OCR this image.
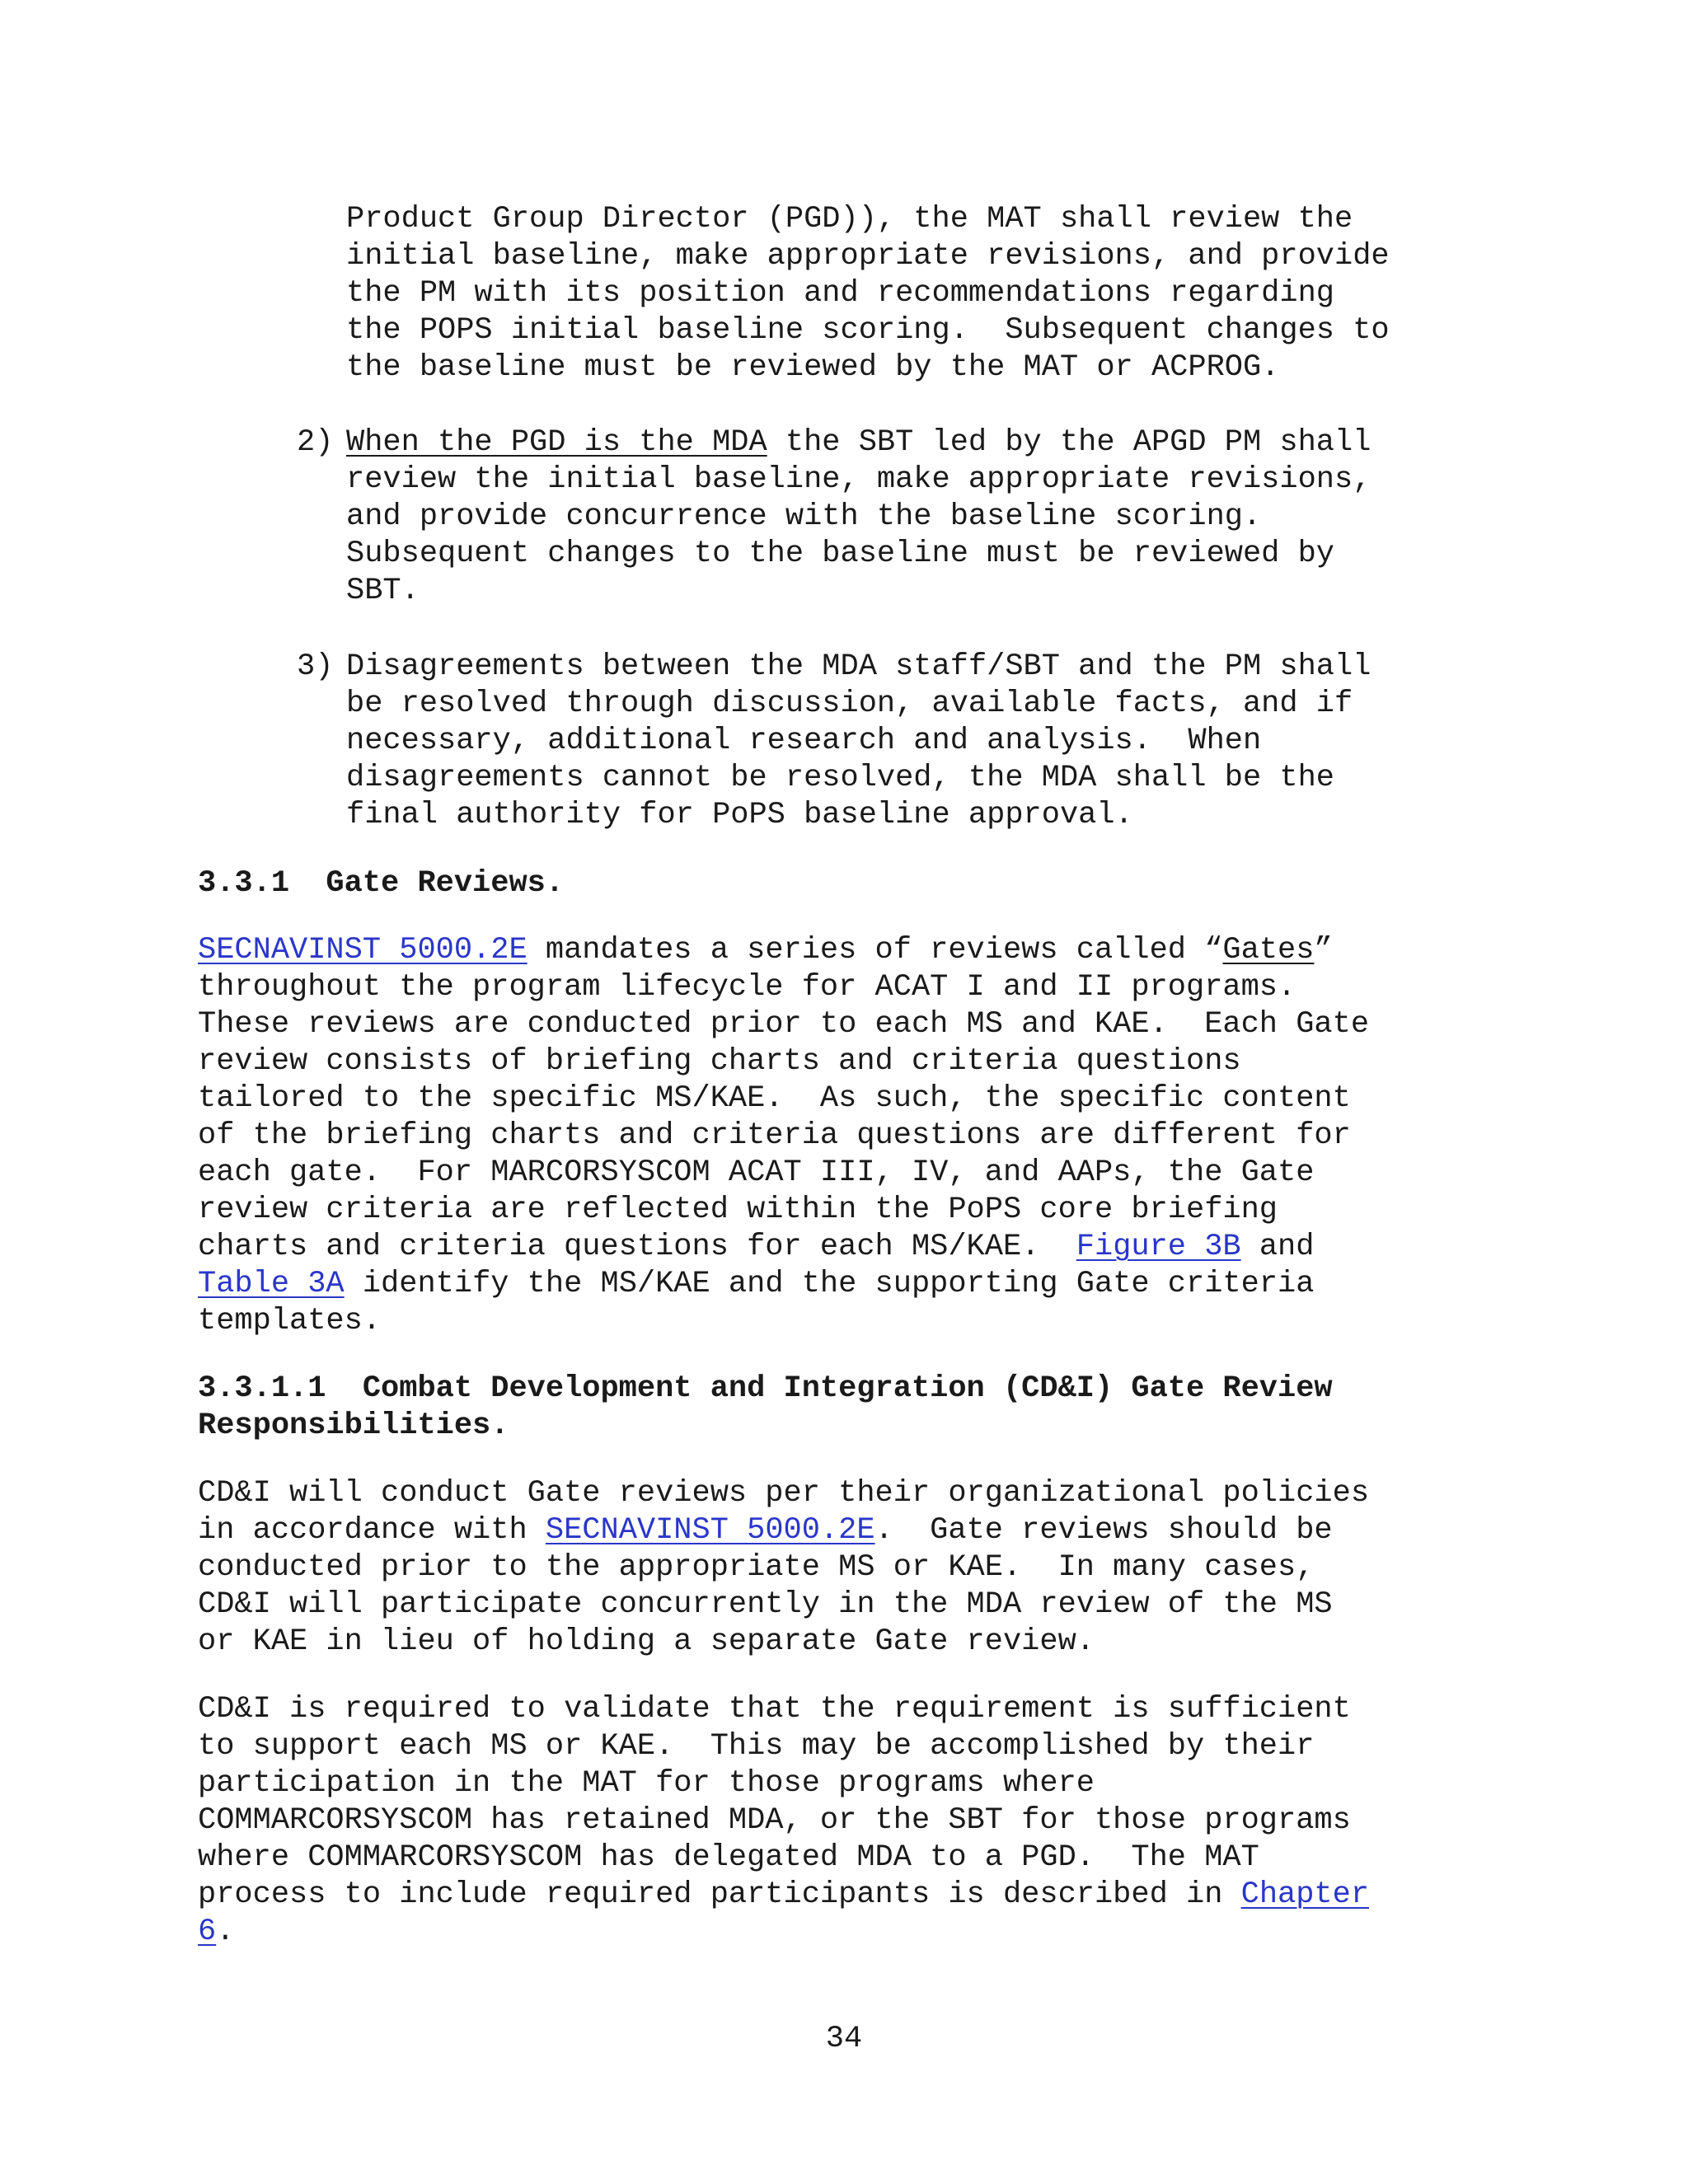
Product Group Director (PGD)), the MAT shall review the
initial baseline, make appropriate revisions, and provide
the PM with its position and recommendations regarding
the POPS initial baseline scoring.  Subsequent changes to
the baseline must be reviewed by the MAT or ACPROG.
2) When the PGD is the MDA the SBT led by the APGD PM shall
review the initial baseline, make appropriate revisions,
and provide concurrence with the baseline scoring.
Subsequent changes to the baseline must be reviewed by
SBT.
3) Disagreements between the MDA staff/SBT and the PM shall
be resolved through discussion, available facts, and if
necessary, additional research and analysis.  When
disagreements cannot be resolved, the MDA shall be the
final authority for PoPS baseline approval.
3.3.1  Gate Reviews.
SECNAVINST 5000.2E mandates a series of reviews called “Gates”
throughout the program lifecycle for ACAT I and II programs.
These reviews are conducted prior to each MS and KAE.  Each Gate
review consists of briefing charts and criteria questions
tailored to the specific MS/KAE.  As such, the specific content
of the briefing charts and criteria questions are different for
each gate.  For MARCORSYSCOM ACAT III, IV, and AAPs, the Gate
review criteria are reflected within the PoPS core briefing
charts and criteria questions for each MS/KAE.  Figure 3B and
Table 3A identify the MS/KAE and the supporting Gate criteria
templates.
3.3.1.1  Combat Development and Integration (CD&I) Gate Review
Responsibilities.
CD&I will conduct Gate reviews per their organizational policies
in accordance with SECNAVINST 5000.2E.  Gate reviews should be
conducted prior to the appropriate MS or KAE.  In many cases,
CD&I will participate concurrently in the MDA review of the MS
or KAE in lieu of holding a separate Gate review.
CD&I is required to validate that the requirement is sufficient
to support each MS or KAE.  This may be accomplished by their
participation in the MAT for those programs where
COMMARCORSYSCOM has retained MDA, or the SBT for those programs
where COMMARCORSYSCOM has delegated MDA to a PGD.  The MAT
process to include required participants is described in Chapter
6.
34
